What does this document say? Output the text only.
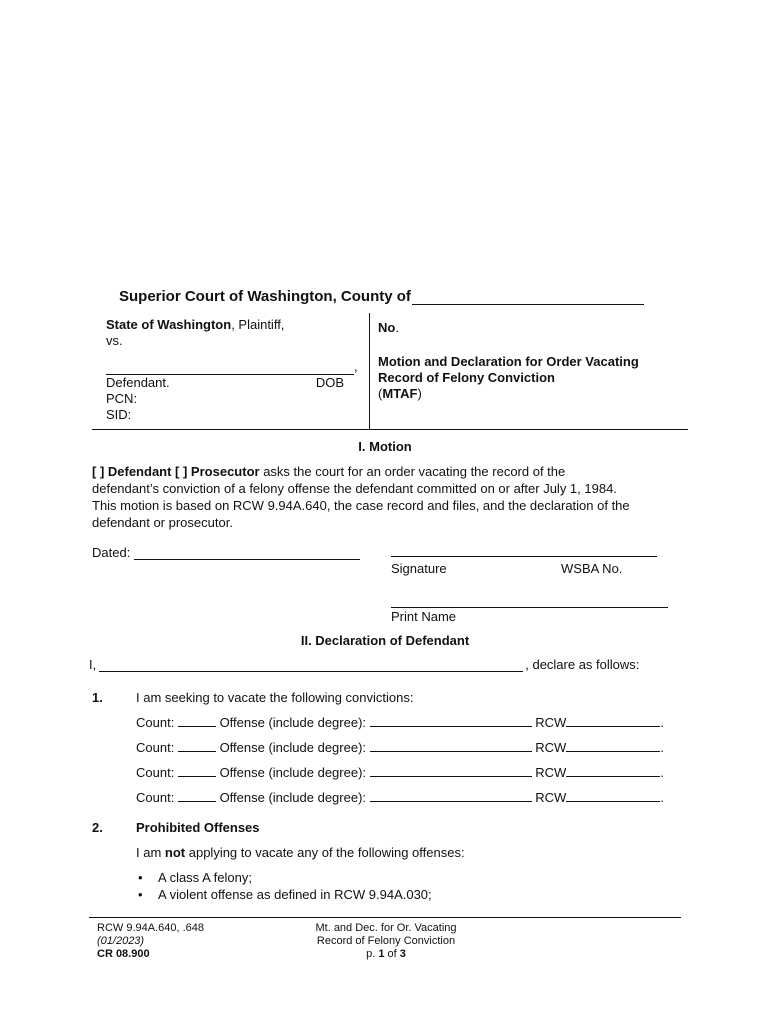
Superior Court of Washington, County of
State of Washington, Plaintiff,
vs.
,
Defendant.	DOB
PCN:
SID:
No.
Motion and Declaration for Order Vacating
Record of Felony Conviction
(MTAF)
I. Motion
[ ] Defendant [ ] Prosecutor asks the court for an order vacating the record of the
defendant’s conviction of a felony offense the defendant committed on or after July 1, 1984.
This motion is based on RCW 9.94A.640, the case record and files, and the declaration of the
defendant or prosecutor.
Dated:
Signature	WSBA No.
Print Name
II. Declaration of Defendant
I,	, declare as follows:
1.	I am seeking to vacate the following convictions:
Count:	Offense (include degree):	RCW	.
Count:	Offense (include degree):	RCW	.
Count:	Offense (include degree):	RCW	.
Count:	Offense (include degree):	RCW	.
2.	Prohibited Offenses
I am not applying to vacate any of the following offenses:
•	A class A felony;
•	A violent offense as defined in RCW 9.94A.030;
RCW 9.94A.640, .648
(01/2023)
CR 08.900
Mt. and Dec. for Or. Vacating
Record of Felony Conviction
p. 1 of 3
